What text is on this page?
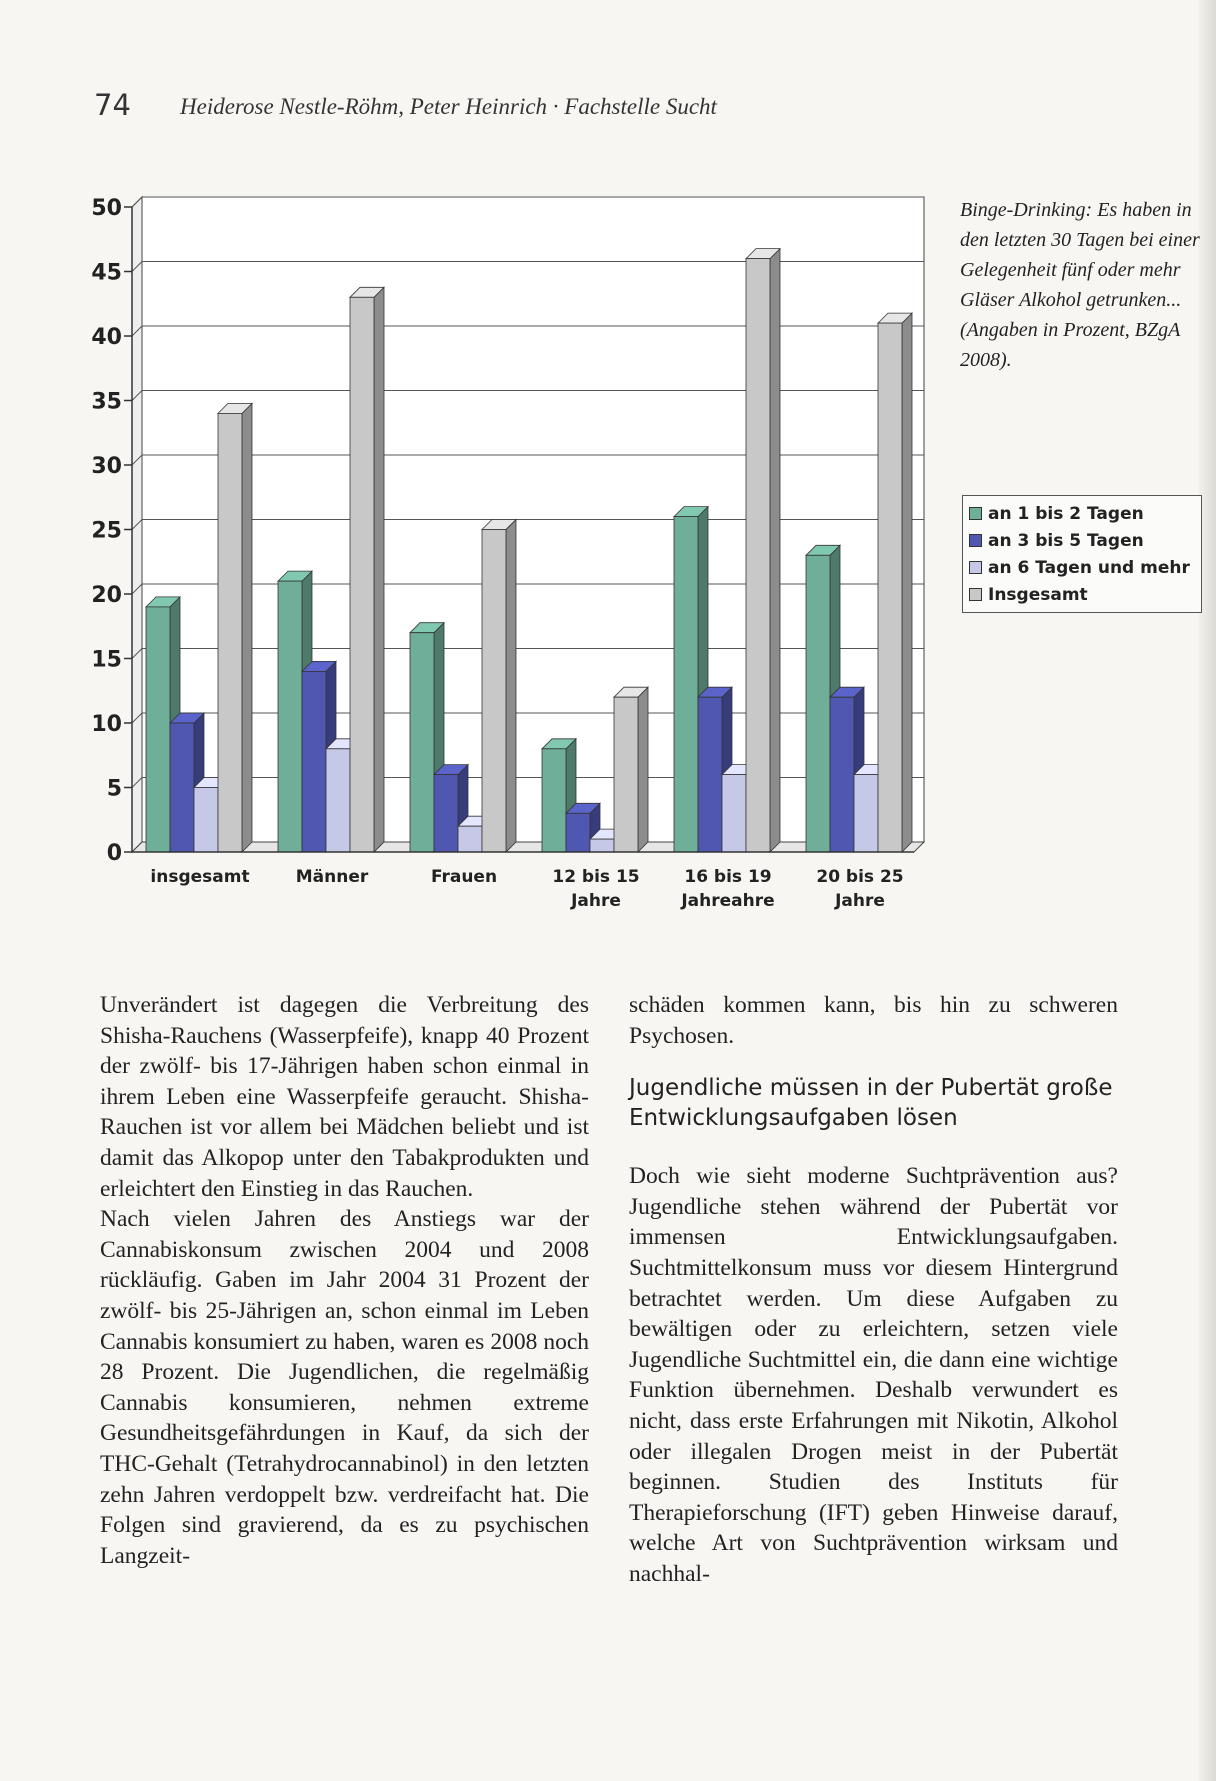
74 Heiderose Nestle-Röhm, Peter Heinrich · Fachstelle Sucht
0
5
10
15
20
25
30
35
40
45
50
insgesamt	Männer	Frauen	12 bis 15
Jahre
16 bis 19
Jahreahre
20 bis 25
Jahre
Binge-Drinking: Es haben in den letzten 30 Tagen bei einer Gelegenheit fünf oder mehr Gläser Alkohol getrunken... (Angaben in Prozent, BZgA 2008).
an 1 bis 2 Tagen
an 3 bis 5 Tagen
an 6 Tagen und mehr
Insgesamt

Unverändert ist dagegen die Verbreitung des Shisha-Rauchens (Wasserpfeife), knapp 40 Prozent der zwölf- bis 17-Jährigen haben schon einmal in ihrem Leben eine Wasserpfeife geraucht. Shisha-Rauchen ist vor allem bei Mädchen beliebt und ist damit das Alkopop unter den Tabakprodukten und erleichtert den Einstieg in das Rauchen.

Nach vielen Jahren des Anstiegs war der Cannabiskonsum zwischen 2004 und 2008 rückläufig. Gaben im Jahr 2004 31 Prozent der zwölf- bis 25-Jährigen an, schon einmal im Leben Cannabis konsumiert zu haben, waren es 2008 noch 28 Prozent. Die Jugendlichen, die regelmäßig Cannabis konsumieren, nehmen extreme Gesundheitsgefährdungen in Kauf, da sich der THC-Gehalt (Tetrahydrocannabinol) in den letzten zehn Jahren verdoppelt bzw. verdreifacht hat. Die Folgen sind gravierend, da es zu psychischen Langzeit-

schäden kommen kann, bis hin zu schweren Psychosen.

Jugendliche müssen in der Pubertät große Entwicklungsaufgaben lösen

Doch wie sieht moderne Suchtprävention aus? Jugendliche stehen während der Pubertät vor immensen Entwicklungsaufgaben. Suchtmittelkonsum muss vor diesem Hintergrund betrachtet werden. Um diese Aufgaben zu bewältigen oder zu erleichtern, setzen viele Jugendliche Suchtmittel ein, die dann eine wichtige Funktion übernehmen. Deshalb verwundert es nicht, dass erste Erfahrungen mit Nikotin, Alkohol oder illegalen Drogen meist in der Pubertät beginnen. Studien des Instituts für Therapieforschung (IFT) geben Hinweise darauf, welche Art von Suchtprävention wirksam und nachhal-
